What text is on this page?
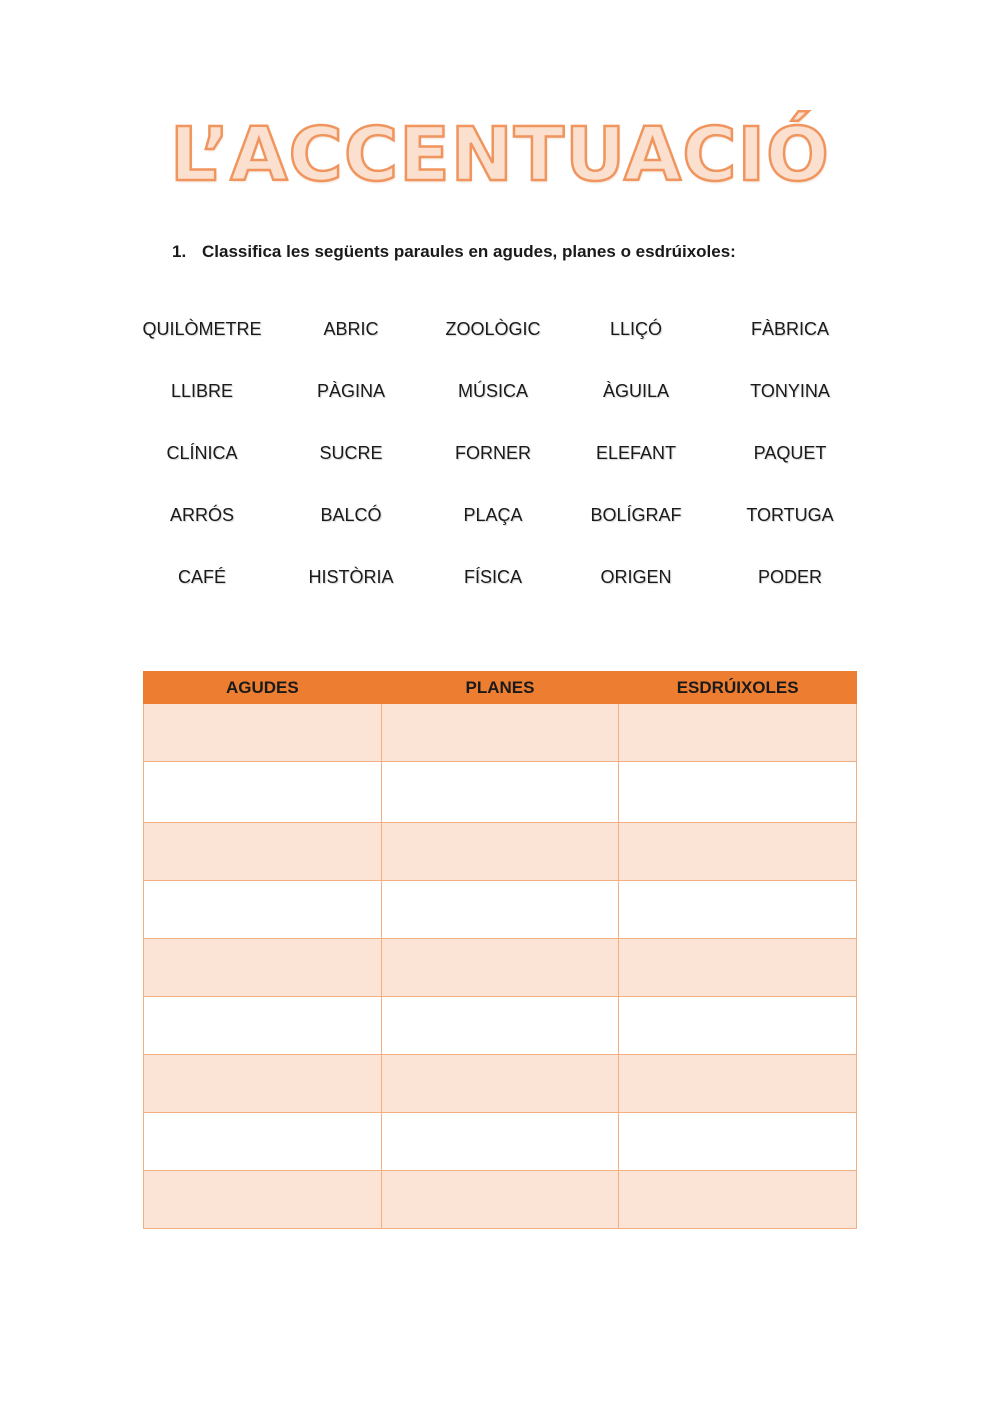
L’ACCENTUACIÓ
1. Classifica les següents paraules en agudes, planes o esdrúixoles:
QUILÒMETRE	ABRIC	ZOOLÒGIC	LLIÇÓ	FÀBRICA
LLIBRE	PÀGINA	MÚSICA	ÀGUILA	TONYINA
CLÍNICA	SUCRE	FORNER	ELEFANT	PAQUET
ARRÓS	BALCÓ	PLAÇA	BOLÍGRAF	TORTUGA
CAFÉ	HISTÒRIA	FÍSICA	ORIGEN	PODER
AGUDES	PLANES	ESDRÚIXOLES
